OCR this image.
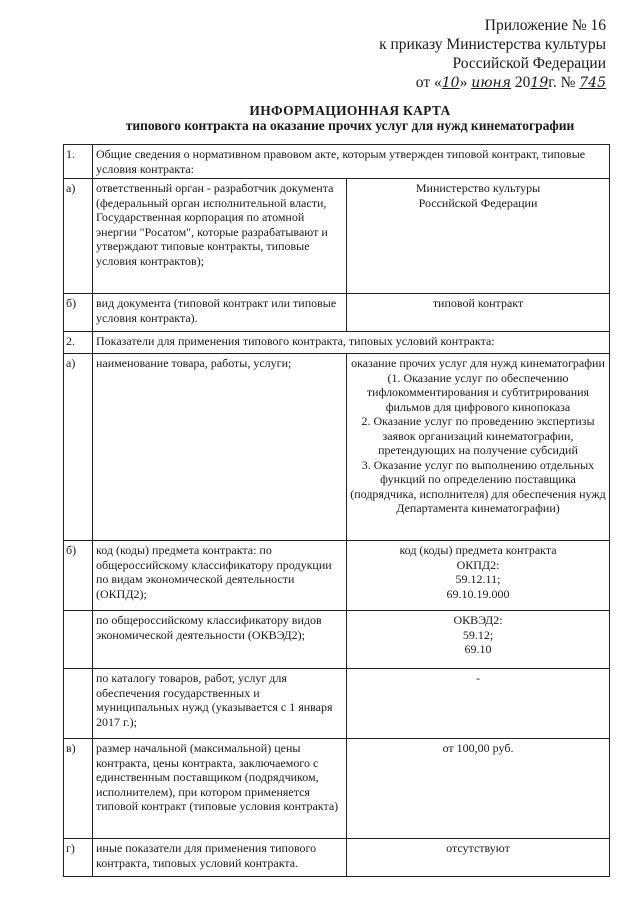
Приложение № 16
к приказу Министерства культуры
Российской Федерации
от «10» июня 2019г. № 745
ИНФОРМАЦИОННАЯ КАРТА
типового контракта на оказание прочих услуг для нужд кинематографии
1.	Общие сведения о нормативном правовом акте, которым утвержден типовой контракт, типовые условия контракта:	
а)	ответственный орган - разработчик документа (федеральный орган исполнительной власти, Государственная корпорация по атомной энергии "Росатом", которые разрабатывают и утверждают типовые контракты, типовые условия контрактов);	Министерство культуры
Российской Федерации

б)	вид документа (типовой контракт или типовые условия контракта).	типовой контракт
2.	Показатели для применения типового контракта, типовых условий контракта:	
а)	наименование товара, работы, услуги;	оказание прочих услуг для нужд кинематографии
(1. Оказание услуг по обеспечению тифлокомментирования и субтитрирования фильмов для цифрового кинопоказа
2. Оказание услуг по проведению экспертизы заявок организаций кинематографии, претендующих на получение субсидий
3. Оказание услуг по выполнению отдельных функций по определению поставщика (подрядчика, исполнителя) для обеспечения нужд Департамента кинематографии)

б)	код (коды) предмета контракта: по общероссийскому классификатору продукции по видам экономической деятельности (ОКПД2);	код (коды) предмета контракта
ОКПД2:
59.12.11;
69.10.19.000

	по общероссийскому классификатору видов экономической деятельности (ОКВЭД2);	ОКВЭД2:
59.12;
69.10

	по каталогу товаров, работ, услуг для обеспечения государственных и муниципальных нужд (указывается с 1 января 2017 г.);	-
в)	размер начальной (максимальной) цены контракта, цены контракта, заключаемого с единственным поставщиком (подрядчиком, исполнителем), при котором применяется типовой контракт (типовые условия контракта)	от 100,00 руб.
г)	иные показатели для применения типового контракта, типовых условий контракта.	отсутствуют
